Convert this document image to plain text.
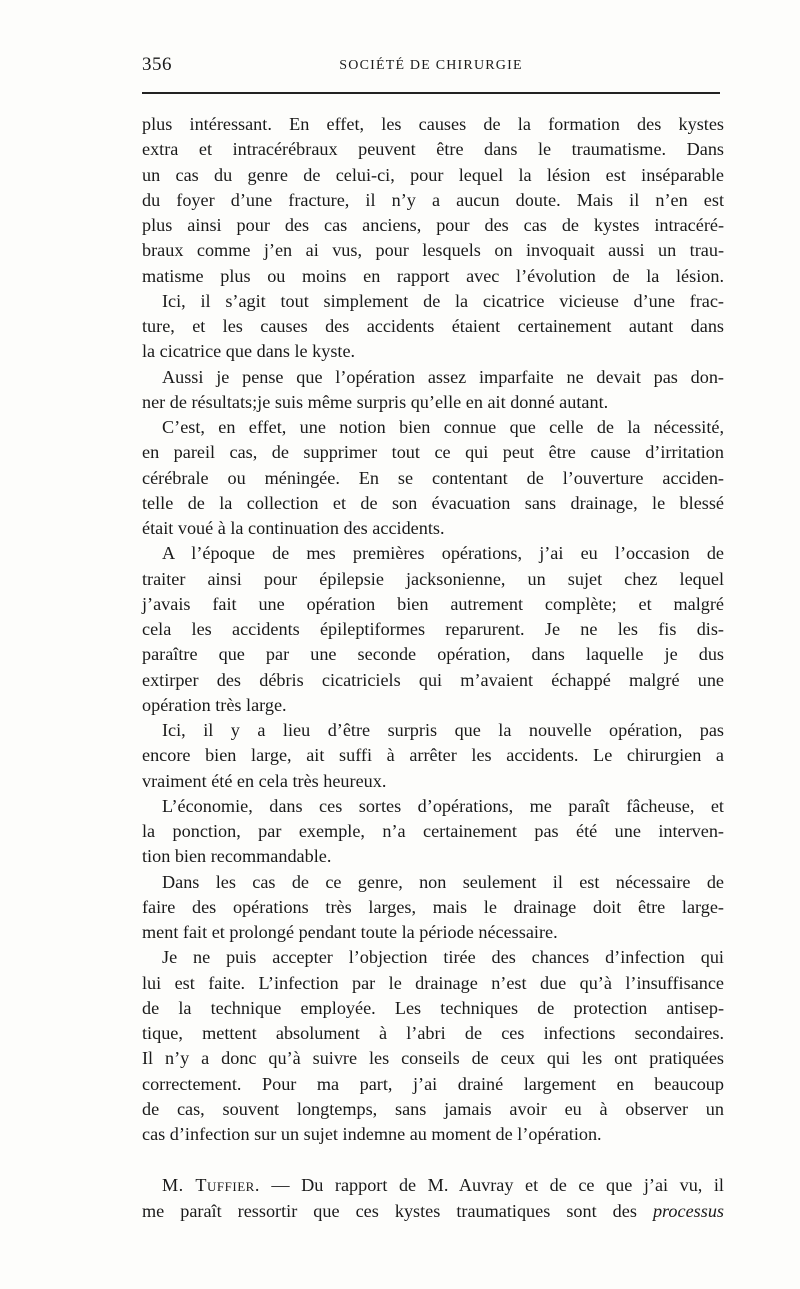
356	SOCIÉTÉ DE CHIRURGIE
plus intéressant. En effet, les causes de la formation des kystes
extra et intracérébraux peuvent être dans le traumatisme. Dans
un cas du genre de celui-ci, pour lequel la lésion est inséparable
du foyer d’une fracture, il n’y a aucun doute. Mais il n’en est
plus ainsi pour des cas anciens, pour des cas de kystes intracéré-
braux comme j’en ai vus, pour lesquels on invoquait aussi un trau-
matisme plus ou moins en rapport avec l’évolution de la lésion.
Ici, il s’agit tout simplement de la cicatrice vicieuse d’une frac-
ture, et les causes des accidents étaient certainement autant dans
la cicatrice que dans le kyste.
Aussi je pense que l’opération assez imparfaite ne devait pas don-
ner de résultats;je suis même surpris qu’elle en ait donné autant.
C’est, en effet, une notion bien connue que celle de la nécessité,
en pareil cas, de supprimer tout ce qui peut être cause d’irritation
cérébrale ou méningée. En se contentant de l’ouverture acciden-
telle de la collection et de son évacuation sans drainage, le blessé
était voué à la continuation des accidents.
A l’époque de mes premières opérations, j’ai eu l’occasion de
traiter ainsi pour épilepsie jacksonienne, un sujet chez lequel
j’avais fait une opération bien autrement complète; et malgré
cela les accidents épileptiformes reparurent. Je ne les fis dis-
paraître que par une seconde opération, dans laquelle je dus
extirper des débris cicatriciels qui m’avaient échappé malgré une
opération très large.
Ici, il y a lieu d’être surpris que la nouvelle opération, pas
encore bien large, ait suffi à arrêter les accidents. Le chirurgien a
vraiment été en cela très heureux.
L’économie, dans ces sortes d’opérations, me paraît fâcheuse, et
la ponction, par exemple, n’a certainement pas été une interven-
tion bien recommandable.
Dans les cas de ce genre, non seulement il est nécessaire de
faire des opérations très larges, mais le drainage doit être large-
ment fait et prolongé pendant toute la période nécessaire.
Je ne puis accepter l’objection tirée des chances d’infection qui
lui est faite. L’infection par le drainage n’est due qu’à l’insuffisance
de la technique employée. Les techniques de protection antisep-
tique, mettent absolument à l’abri de ces infections secondaires.
Il n’y a donc qu’à suivre les conseils de ceux qui les ont pratiquées
correctement. Pour ma part, j’ai drainé largement en beaucoup
de cas, souvent longtemps, sans jamais avoir eu à observer un
cas d’infection sur un sujet indemne au moment de l’opération.
M. Tuffier. — Du rapport de M. Auvray et de ce que j’ai vu, il
me paraît ressortir que ces kystes traumatiques sont des processus
